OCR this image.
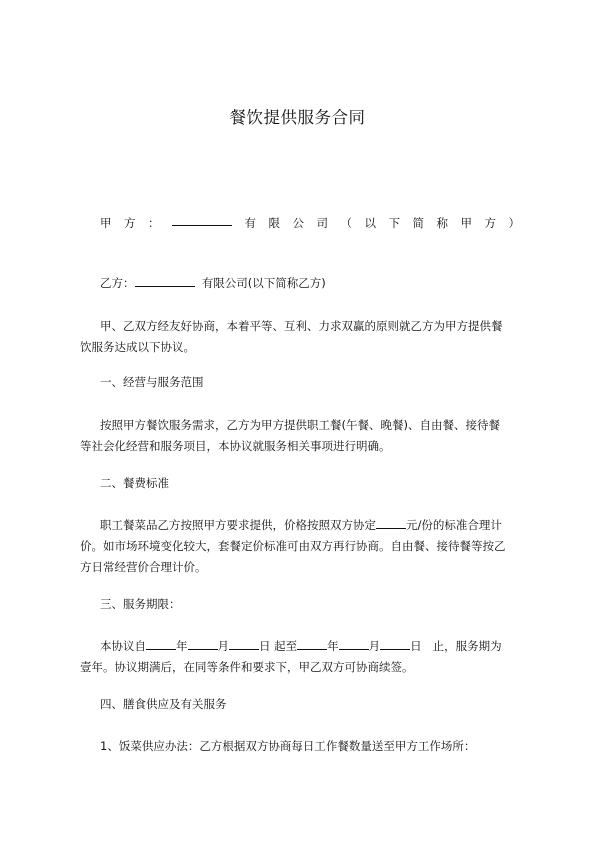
餐饮提供服务合同
甲 方 ：	有 限 公 司 （ 以 下 简 称 甲 方 ）
乙方：	有限公司(以下简称乙方)
甲、乙双方经友好协商，本着平等、互利、力求双赢的原则就乙方为甲方提供餐
饮服务达成以下协议。
一、经营与服务范围
按照甲方餐饮服务需求，乙方为甲方提供职工餐(午餐、晚餐)、自由餐、接待餐
等社会化经营和服务项目，本协议就服务相关事项进行明确。
二、餐费标准
职工餐菜品乙方按照甲方要求提供，价格按照双方协定	元/份的标准合理计
价。如市场环境变化较大，套餐定价标准可由双方再行协商。自由餐、接待餐等按乙
方日常经营价合理计价。
三、服务期限：
本协议自	年	月	日 起至	年	月	日   止，服务期为
壹年。协议期满后，在同等条件和要求下，甲乙双方可协商续签。
四、膳食供应及有关服务
1、饭菜供应办法：乙方根据双方协商每日工作餐数量送至甲方工作场所：
